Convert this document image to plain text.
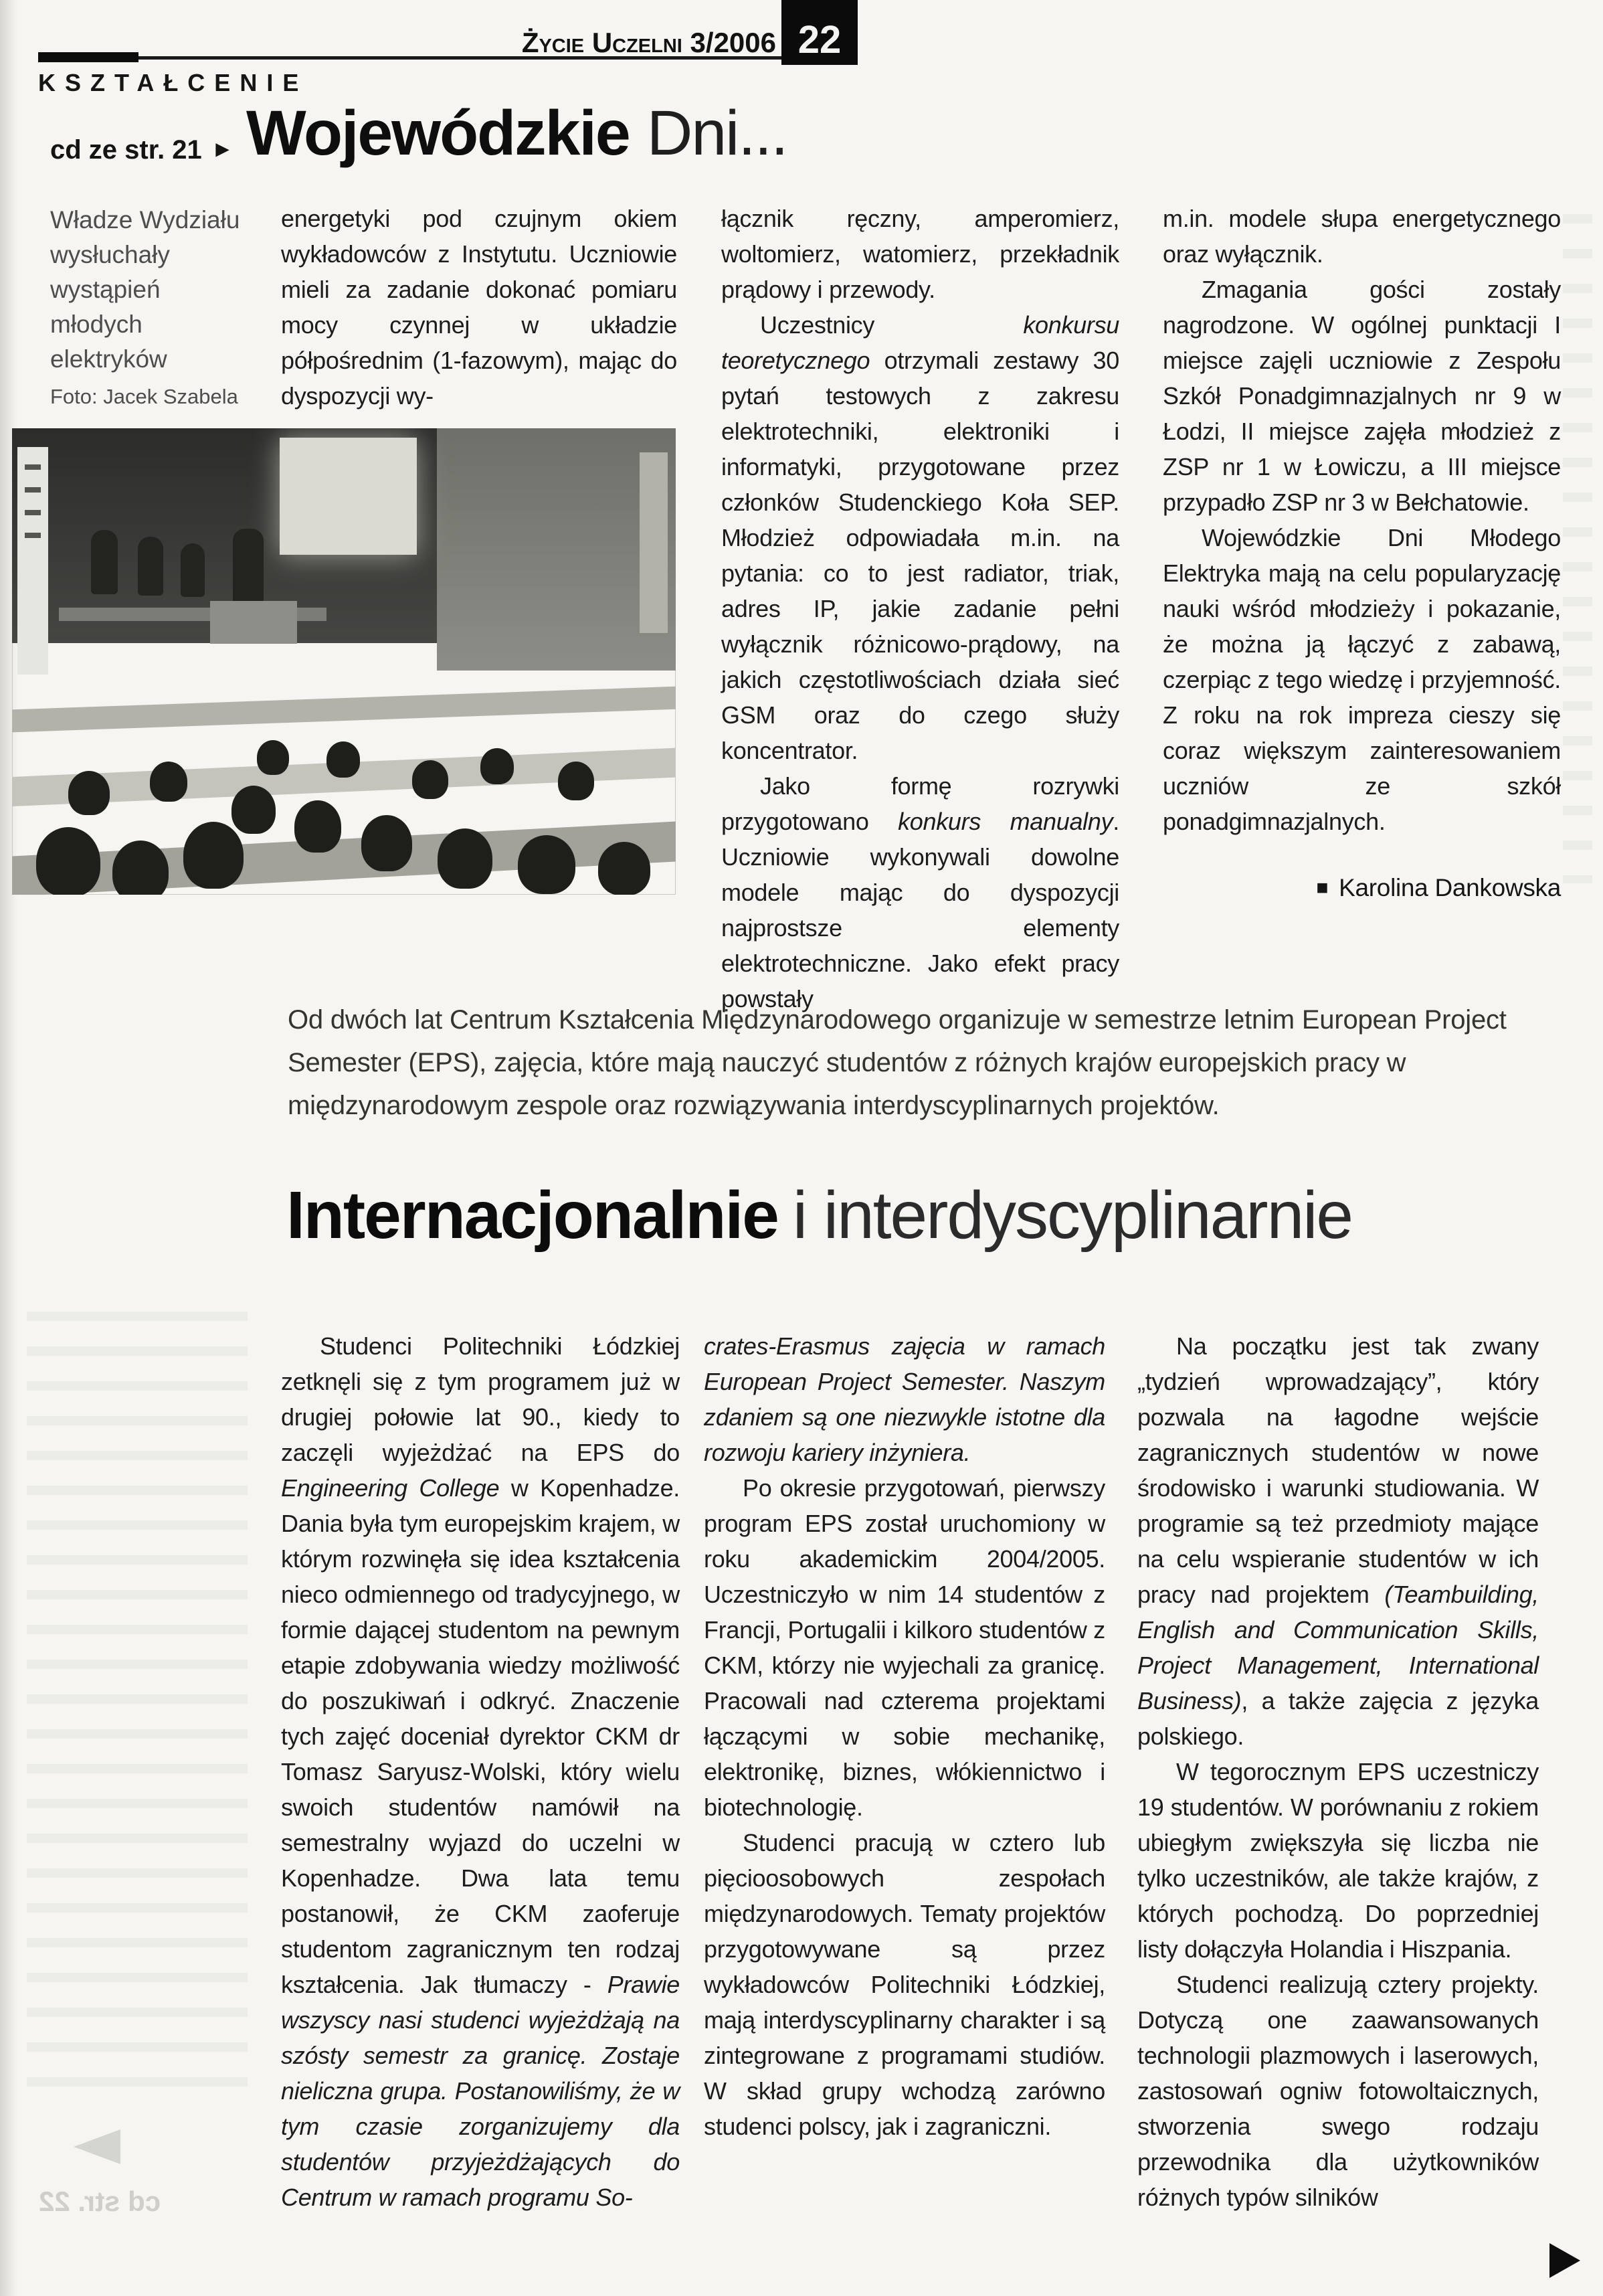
KSZTAŁCENIE
Życie Uczelni 3/2006 22
cd ze str. 21 ► Wojewódzkie Dni...
Władze Wydziału wysłuchały wystąpień młodych elektryków
Foto: Jacek Szabela

energetyki pod czujnym okiem wykładowców z Instytutu. Uczniowie mieli za zadanie dokonać pomiaru mocy czynnej w układzie półpośrednim (1-fazowym), mając do dyspozycji wy-

łącznik ręczny, amperomierz, woltomierz, watomierz, przekładnik prądowy i przewody.

Uczestnicy konkursu teoretycznego otrzymali zestawy 30 pytań testowych z zakresu elektrotechniki, elektroniki i informatyki, przygotowane przez członków Studenckiego Koła SEP. Młodzież odpowiadała m.in. na pytania: co to jest radiator, triak, adres IP, jakie zadanie pełni wyłącznik różnicowo-prądowy, na jakich częstotliwościach działa sieć GSM oraz do czego służy koncentrator.

Jako formę rozrywki przygotowano konkurs manualny. Uczniowie wykonywali dowolne modele mając do dyspozycji najprostsze elementy elektrotechniczne. Jako efekt pracy powstały

m.in. modele słupa energetycznego oraz wyłącznik.

Zmagania gości zostały nagrodzone. W ogólnej punktacji I miejsce zajęli uczniowie z Zespołu Szkół Ponadgimnazjalnych nr 9 w Łodzi, II miejsce zajęła młodzież z ZSP nr 1 w Łowiczu, a III miejsce przypadło ZSP nr 3 w Bełchatowie.

Wojewódzkie Dni Młodego Elektryka mają na celu popularyzację nauki wśród młodzieży i pokazanie, że można ją łączyć z zabawą, czerpiąc z tego wiedzę i przyjemność. Z roku na rok impreza cieszy się coraz większym zainteresowaniem uczniów ze szkół ponadgimnazjalnych.

■ Karolina Dankowska
Od dwóch lat Centrum Kształcenia Międzynarodowego organizuje w semestrze letnim European Project Semester (EPS), zajęcia, które mają nauczyć studentów z różnych krajów europejskich pracy w międzynarodowym zespole oraz rozwiązywania interdyscyplinarnych projektów.
Internacjonalnie i interdyscyplinarnie

Studenci Politechniki Łódzkiej zetknęli się z tym programem już w drugiej połowie lat 90., kiedy to zaczęli wyjeżdżać na EPS do Engineering College w Kopenhadze. Dania była tym europejskim krajem, w którym rozwinęła się idea kształcenia nieco odmiennego od tradycyjnego, w formie dającej studentom na pewnym etapie zdobywania wiedzy możliwość do poszukiwań i odkryć. Znaczenie tych zajęć doceniał dyrektor CKM dr Tomasz Saryusz-Wolski, który wielu swoich studentów namówił na semestralny wyjazd do uczelni w Kopenhadze. Dwa lata temu postanowił, że CKM zaoferuje studentom zagranicznym ten rodzaj kształcenia. Jak tłumaczy - Prawie wszyscy nasi studenci wyjeżdżają na szósty semestr za granicę. Zostaje nieliczna grupa. Postanowiliśmy, że w tym czasie zorganizujemy dla studentów przyjeżdżających do Centrum w ramach programu So-

crates-Erasmus zajęcia w ramach European Project Semester. Naszym zdaniem są one niezwykle istotne dla rozwoju kariery inżyniera.

Po okresie przygotowań, pierwszy program EPS został uruchomiony w roku akademickim 2004/2005. Uczestniczyło w nim 14 studentów z Francji, Portugalii i kilkoro studentów z CKM, którzy nie wyjechali za granicę. Pracowali nad czterema projektami łączącymi w sobie mechanikę, elektronikę, biznes, włókiennictwo i biotechnologię.

Studenci pracują w cztero lub pięcioosobowych zespołach międzynarodowych. Tematy projektów przygotowywane są przez wykładowców Politechniki Łódzkiej, mają interdyscyplinarny charakter i są zintegrowane z programami studiów. W skład grupy wchodzą zarówno studenci polscy, jak i zagraniczni.

Na początku jest tak zwany „tydzień wprowadzający”, który pozwala na łagodne wejście zagranicznych studentów w nowe środowisko i warunki studiowania. W programie są też przedmioty mające na celu wspieranie studentów w ich pracy nad projektem (Teambuilding, English and Communication Skills, Project Management, International Business), a także zajęcia z języka polskiego.

W tegorocznym EPS uczestniczy 19 studentów. W porównaniu z rokiem ubiegłym zwiększyła się liczba nie tylko uczestników, ale także krajów, z których pochodzą. Do poprzedniej listy dołączyła Holandia i Hiszpania.

Studenci realizują cztery projekty. Dotyczą one zaawansowanych technologii plazmowych i laserowych, zastosowań ogniw fotowoltaicznych, stworzenia swego rodzaju przewodnika dla użytkowników różnych typów silników

cd str. 22
